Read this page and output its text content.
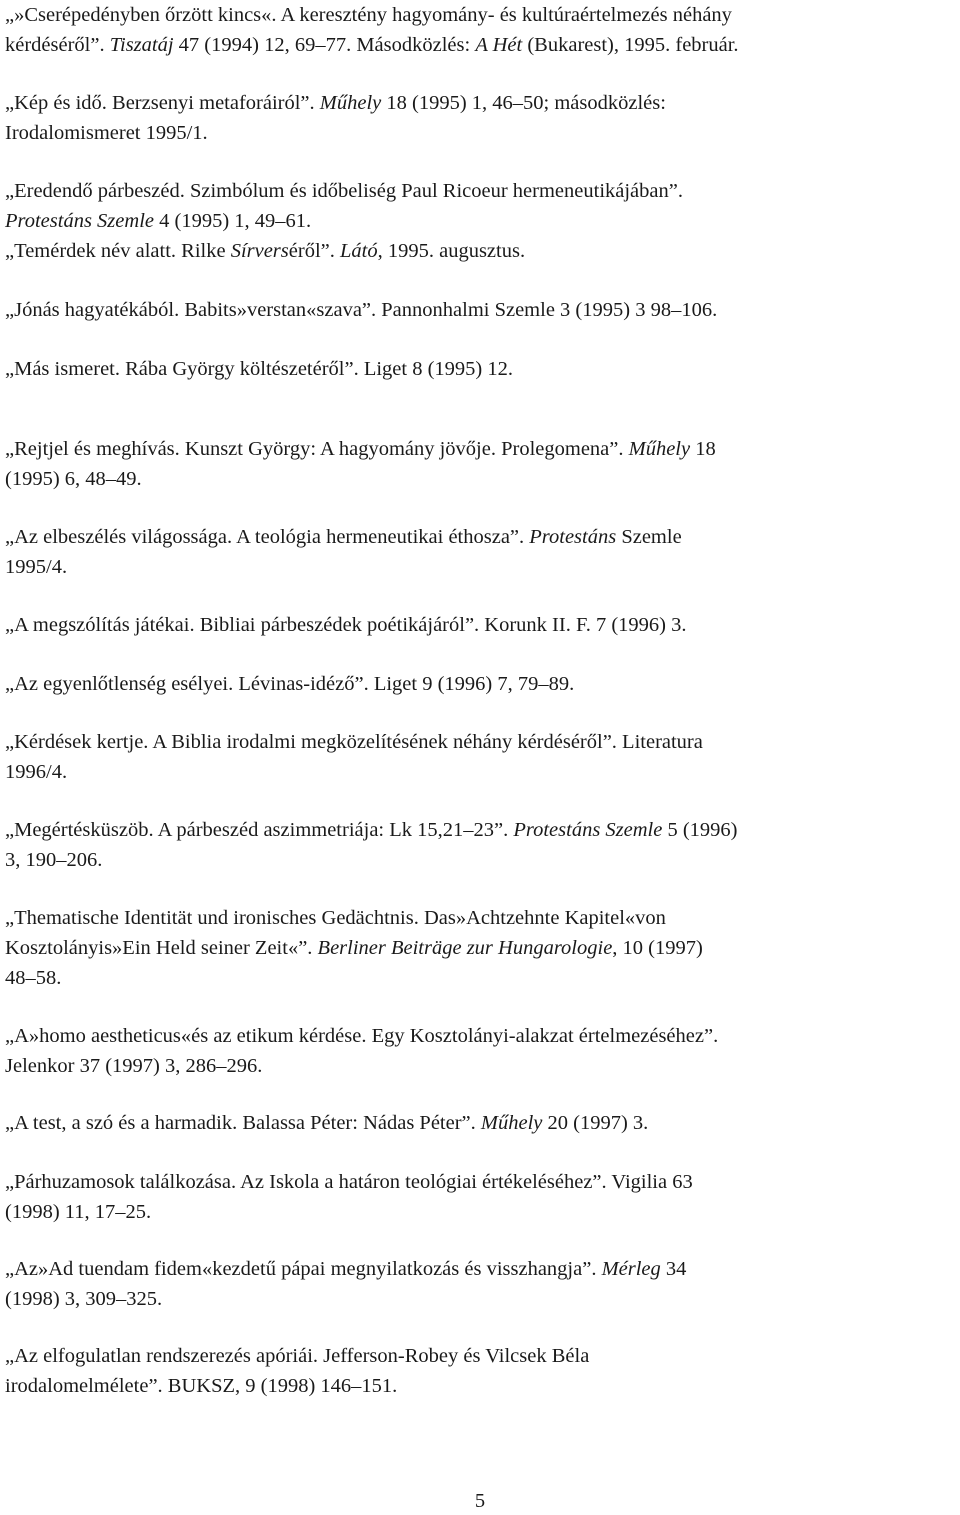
„»Cserépedényben őrzött kincs«. A keresztény hagyomány- és kultúraértelmezés néhány
kérdéséről”. Tiszatáj 47 (1994) 12, 69–77. Másodközlés: A Hét (Bukarest), 1995. február.

„Kép és idő. Berzsenyi metaforáiról”. Műhely 18 (1995) 1, 46–50; másodközlés:
Irodalomismeret 1995/1.

„Eredendő párbeszéd. Szimbólum és időbeliség Paul Ricoeur hermeneutikájában”.
Protestáns Szemle 4 (1995) 1, 49–61.

„Temérdek név alatt. Rilke Sírverséről”. Látó, 1995. augusztus.

„Jónás hagyatékából. Babits»verstan«szava”. Pannonhalmi Szemle 3 (1995) 3 98–106.

„Más ismeret. Rába György költészetéről”. Liget 8 (1995) 12.

„Rejtjel és meghívás. Kunszt György: A hagyomány jövője. Prolegomena”. Műhely 18
(1995) 6, 48–49.

„Az elbeszélés világossága. A teológia hermeneutikai éthosza”. Protestáns Szemle
1995/4.

„A megszólítás játékai. Bibliai párbeszédek poétikájáról”. Korunk II. F. 7 (1996) 3.

„Az egyenlőtlenség esélyei. Lévinas-idéző”. Liget 9 (1996) 7, 79–89.

„Kérdések kertje. A Biblia irodalmi megközelítésének néhány kérdéséről”. Literatura
1996/4.

„Megértésküszöb. A párbeszéd aszimmetriája: Lk 15,21–23”. Protestáns Szemle 5 (1996)
3, 190–206.

„Thematische Identität und ironisches Gedächtnis. Das»Achtzehnte Kapitel«von
Kosztolányis»Ein Held seiner Zeit«”. Berliner Beiträge zur Hungarologie, 10 (1997)
48–58.

„A»homo aestheticus«és az etikum kérdése. Egy Kosztolányi-alakzat értelmezéséhez”.
Jelenkor 37 (1997) 3, 286–296.

„A test, a szó és a harmadik. Balassa Péter: Nádas Péter”. Műhely 20 (1997) 3.

„Párhuzamosok találkozása. Az Iskola a határon teológiai értékeléséhez”. Vigilia 63
(1998) 11, 17–25.

„Az»Ad tuendam fidem«kezdetű pápai megnyilatkozás és visszhangja”. Mérleg 34
(1998) 3, 309–325.

„Az elfogulatlan rendszerezés apóriái. Jefferson-Robey és Vilcsek Béla
irodalomelmélete”. BUKSZ, 9 (1998) 146–151.

5
